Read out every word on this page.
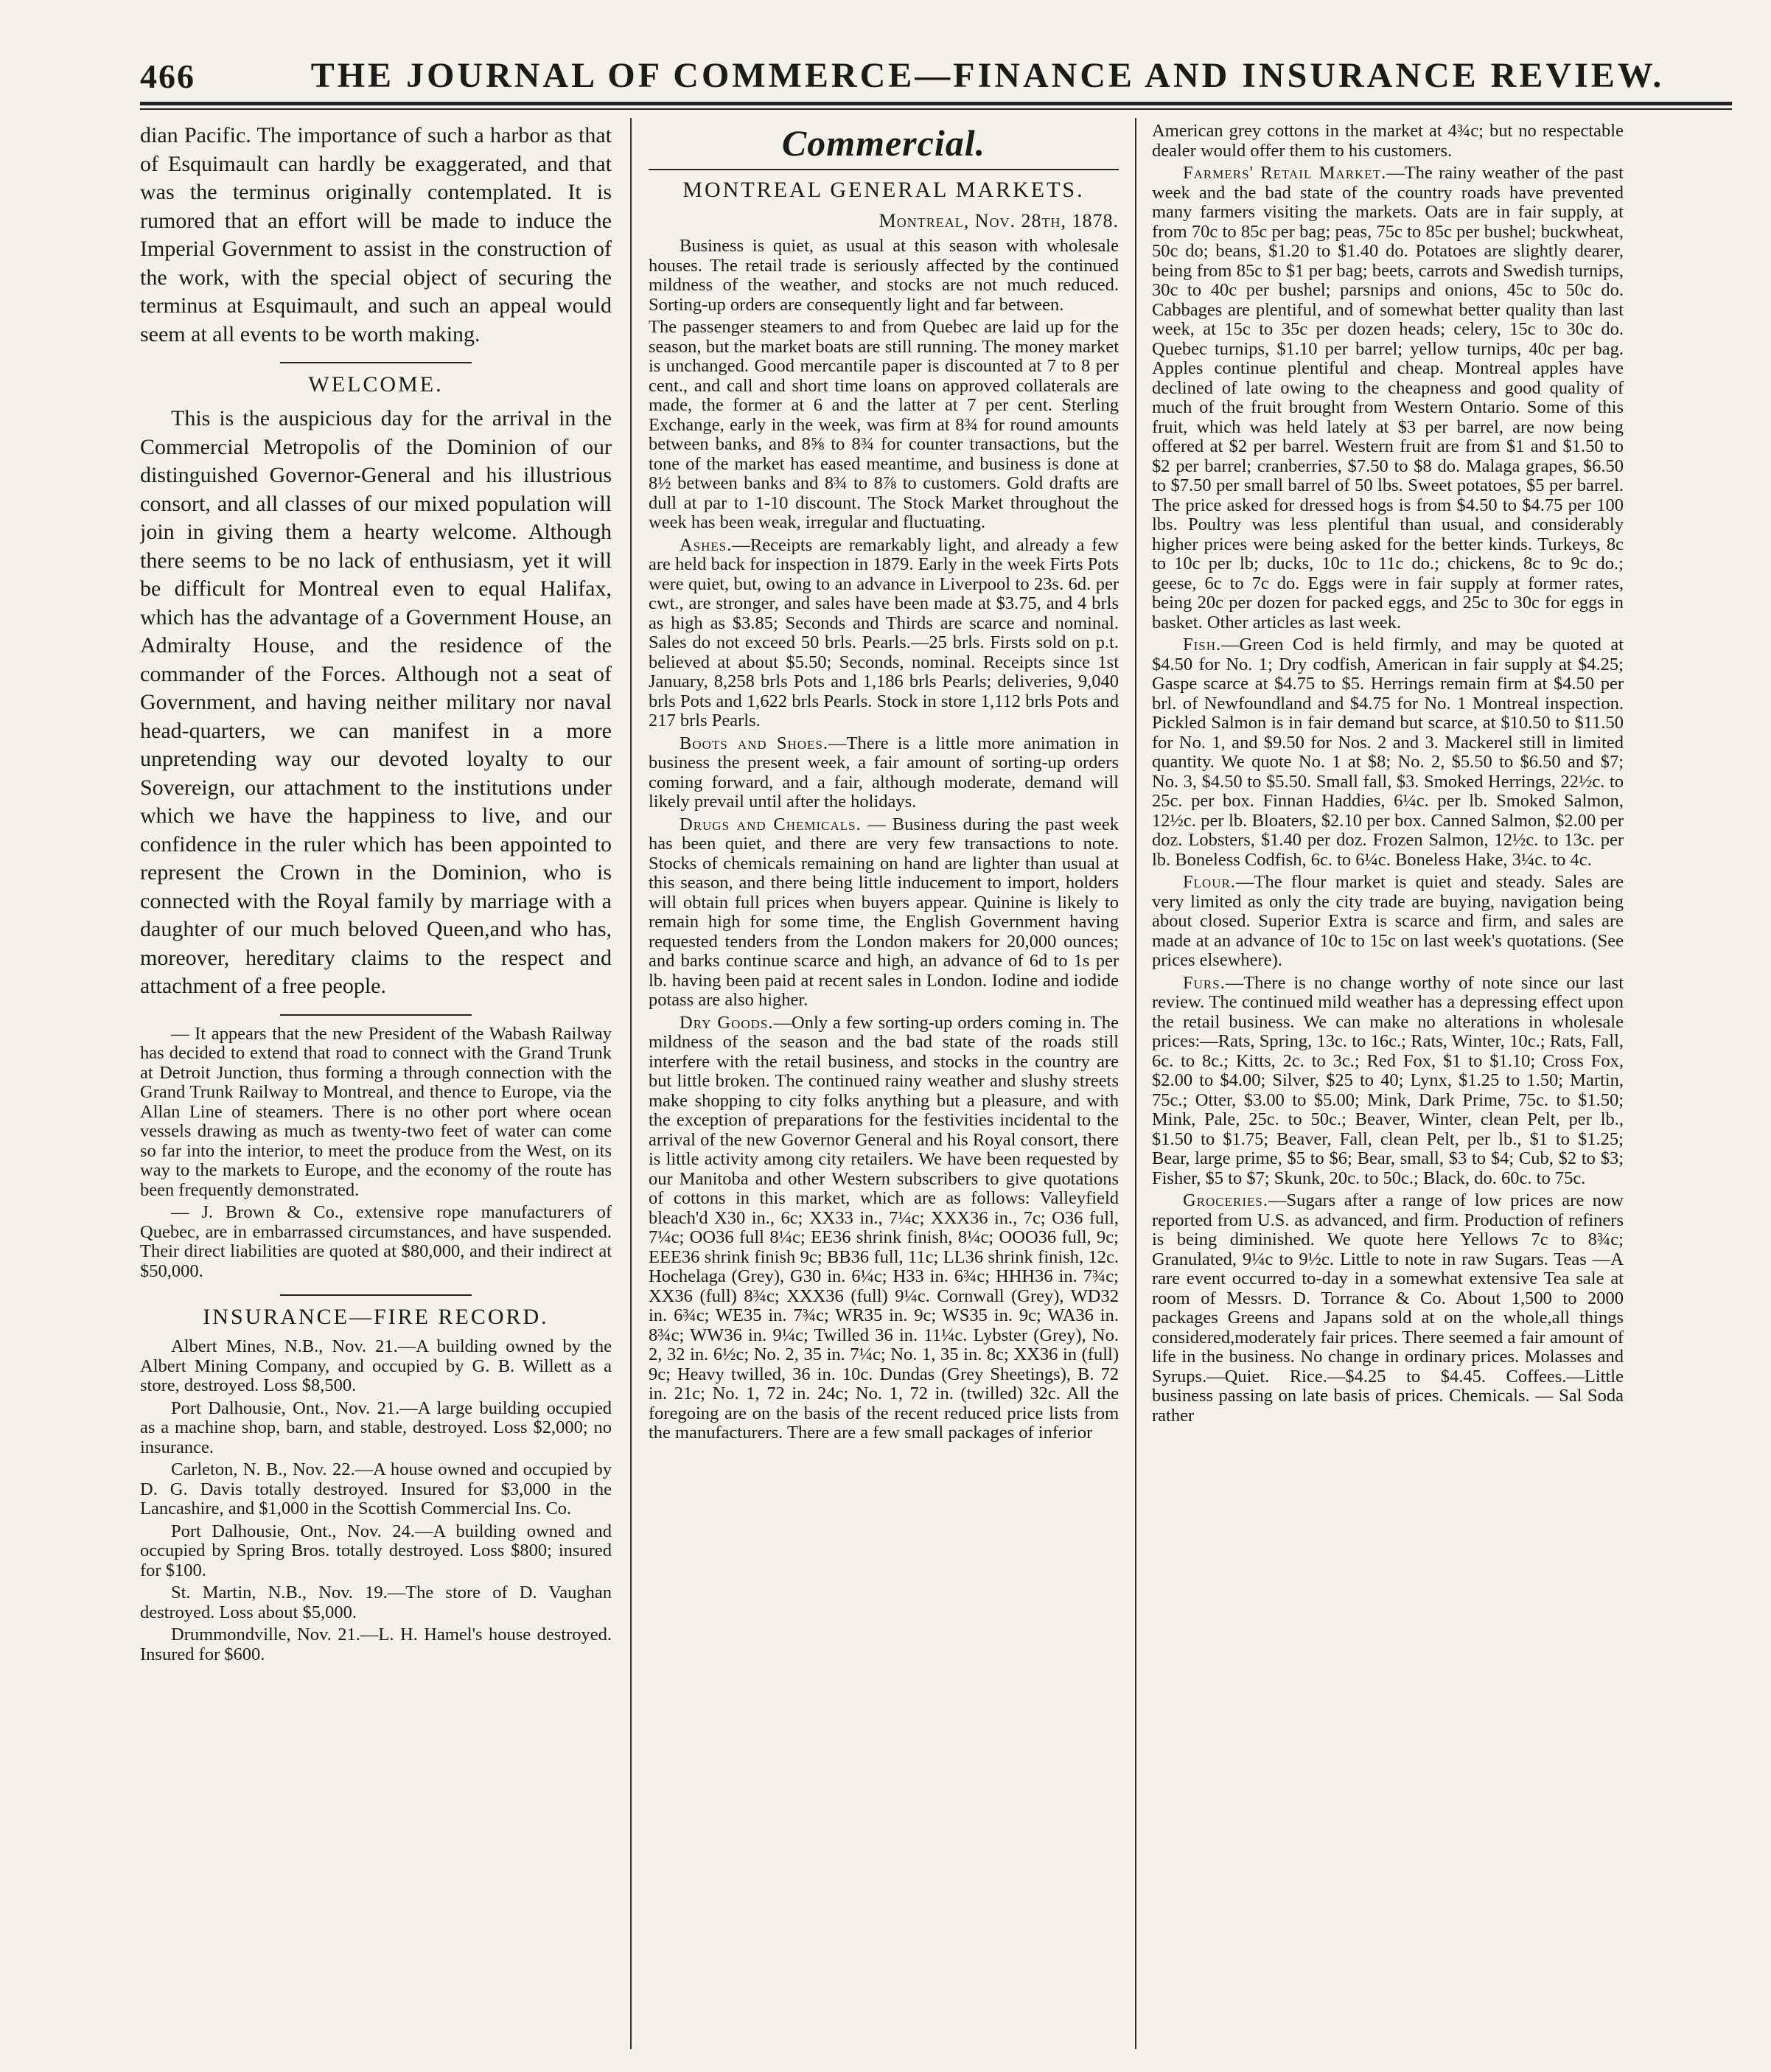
466	THE JOURNAL OF COMMERCE—FINANCE AND INSURANCE REVIEW.

dian Pacific. The importance of such a harbor as that of Esquimault can hardly be exaggerated, and that was the terminus originally contemplated. It is rumored that an effort will be made to induce the Imperial Government to assist in the construction of the work, with the special object of securing the terminus at Esquimault, and such an appeal would seem at all events to be worth making.

WELCOME.

This is the auspicious day for the arrival in the Commercial Metropolis of the Dominion of our distinguished Governor-General and his illustrious consort, and all classes of our mixed population will join in giving them a hearty welcome. Although there seems to be no lack of enthusiasm, yet it will be difficult for Montreal even to equal Halifax, which has the advantage of a Government House, an Admiralty House, and the residence of the commander of the Forces. Although not a seat of Government, and having neither military nor naval head-quarters, we can manifest in a more unpretending way our devoted loyalty to our Sovereign, our attachment to the institutions under which we have the happiness to live, and our confidence in the ruler which has been appointed to represent the Crown in the Dominion, who is connected with the Royal family by marriage with a daughter of our much beloved Queen,and who has, moreover, hereditary claims to the respect and attachment of a free people.

— It appears that the new President of the Wabash Railway has decided to extend that road to connect with the Grand Trunk at Detroit Junction, thus forming a through connection with the Grand Trunk Railway to Montreal, and thence to Europe, via the Allan Line of steamers. There is no other port where ocean vessels drawing as much as twenty-two feet of water can come so far into the interior, to meet the produce from the West, on its way to the markets to Europe, and the economy of the route has been frequently demonstrated.

— J. Brown & Co., extensive rope manufacturers of Quebec, are in embarrassed circumstances, and have suspended. Their direct liabilities are quoted at $80,000, and their indirect at $50,000.

INSURANCE—FIRE RECORD.

Albert Mines, N.B., Nov. 21.—A building owned by the Albert Mining Company, and occupied by G. B. Willett as a store, destroyed. Loss $8,500.

Port Dalhousie, Ont., Nov. 21.—A large building occupied as a machine shop, barn, and stable, destroyed. Loss $2,000; no insurance.

Carleton, N. B., Nov. 22.—A house owned and occupied by D. G. Davis totally destroyed. Insured for $3,000 in the Lancashire, and $1,000 in the Scottish Commercial Ins. Co.

Port Dalhousie, Ont., Nov. 24.—A building owned and occupied by Spring Bros. totally destroyed. Loss $800; insured for $100.

St. Martin, N.B., Nov. 19.—The store of D. Vaughan destroyed. Loss about $5,000.

Drummondville, Nov. 21.—L. H. Hamel's house destroyed. Insured for $600.

Commercial.
MONTREAL GENERAL MARKETS.
Montreal, Nov. 28th, 1878.

Business is quiet, as usual at this season with wholesale houses. The retail trade is seriously affected by the continued mildness of the weather, and stocks are not much reduced. Sorting-up orders are consequently light and far between.

The passenger steamers to and from Quebec are laid up for the season, but the market boats are still running. The money market is unchanged. Good mercantile paper is discounted at 7 to 8 per cent., and call and short time loans on approved collaterals are made, the former at 6 and the latter at 7 per cent. Sterling Exchange, early in the week, was firm at 8¾ for round amounts between banks, and 8⅝ to 8¾ for counter transactions, but the tone of the market has eased meantime, and business is done at 8½ between banks and 8¾ to 8⅞ to customers. Gold drafts are dull at par to 1-10 discount. The Stock Market throughout the week has been weak, irregular and fluctuating.

Ashes.—Receipts are remarkably light, and already a few are held back for inspection in 1879. Early in the week Firts Pots were quiet, but, owing to an advance in Liverpool to 23s. 6d. per cwt., are stronger, and sales have been made at $3.75, and 4 brls as high as $3.85; Seconds and Thirds are scarce and nominal. Sales do not exceed 50 brls. Pearls.—25 brls. Firsts sold on p.t. believed at about $5.50; Seconds, nominal. Receipts since 1st January, 8,258 brls Pots and 1,186 brls Pearls; deliveries, 9,040 brls Pots and 1,622 brls Pearls. Stock in store 1,112 brls Pots and 217 brls Pearls.

Boots and Shoes.—There is a little more animation in business the present week, a fair amount of sorting-up orders coming forward, and a fair, although moderate, demand will likely prevail until after the holidays.

Drugs and Chemicals. — Business during the past week has been quiet, and there are very few transactions to note. Stocks of chemicals remaining on hand are lighter than usual at this season, and there being little inducement to import, holders will obtain full prices when buyers appear. Quinine is likely to remain high for some time, the English Government having requested tenders from the London makers for 20,000 ounces; and barks continue scarce and high, an advance of 6d to 1s per lb. having been paid at recent sales in London. Iodine and iodide potass are also higher.

Dry Goods.—Only a few sorting-up orders coming in. The mildness of the season and the bad state of the roads still interfere with the retail business, and stocks in the country are but little broken. The continued rainy weather and slushy streets make shopping to city folks anything but a pleasure, and with the exception of preparations for the festivities incidental to the arrival of the new Governor General and his Royal consort, there is little activity among city retailers. We have been requested by our Manitoba and other Western subscribers to give quotations of cottons in this market, which are as follows: Valleyfield bleach'd X30 in., 6c; XX33 in., 7¼c; XXX36 in., 7c; O36 full, 7¼c; OO36 full 8¼c; EE36 shrink finish, 8¼c; OOO36 full, 9c; EEE36 shrink finish 9c; BB36 full, 11c; LL36 shrink finish, 12c. Hochelaga (Grey), G30 in. 6¼c; H33 in. 6¾c; HHH36 in. 7¾c; XX36 (full) 8¾c; XXX36 (full) 9¼c. Cornwall (Grey), WD32 in. 6¾c; WE35 in. 7¾c; WR35 in. 9c; WS35 in. 9c; WA36 in. 8¾c; WW36 in. 9¼c; Twilled 36 in. 11¼c. Lybster (Grey), No. 2, 32 in. 6½c; No. 2, 35 in. 7¼c; No. 1, 35 in. 8c; XX36 in (full) 9c; Heavy twilled, 36 in. 10c. Dundas (Grey Sheetings), B. 72 in. 21c; No. 1, 72 in. 24c; No. 1, 72 in. (twilled) 32c. All the foregoing are on the basis of the recent reduced price lists from the manufacturers. There are a few small packages of inferior

American grey cottons in the market at 4¾c; but no respectable dealer would offer them to his customers.

Farmers' Retail Market.—The rainy weather of the past week and the bad state of the country roads have prevented many farmers visiting the markets. Oats are in fair supply, at from 70c to 85c per bag; peas, 75c to 85c per bushel; buckwheat, 50c do; beans, $1.20 to $1.40 do. Potatoes are slightly dearer, being from 85c to $1 per bag; beets, carrots and Swedish turnips, 30c to 40c per bushel; parsnips and onions, 45c to 50c do. Cabbages are plentiful, and of somewhat better quality than last week, at 15c to 35c per dozen heads; celery, 15c to 30c do. Quebec turnips, $1.10 per barrel; yellow turnips, 40c per bag. Apples continue plentiful and cheap. Montreal apples have declined of late owing to the cheapness and good quality of much of the fruit brought from Western Ontario. Some of this fruit, which was held lately at $3 per barrel, are now being offered at $2 per barrel. Western fruit are from $1 and $1.50 to $2 per barrel; cranberries, $7.50 to $8 do. Malaga grapes, $6.50 to $7.50 per small barrel of 50 lbs. Sweet potatoes, $5 per barrel. The price asked for dressed hogs is from $4.50 to $4.75 per 100 lbs. Poultry was less plentiful than usual, and considerably higher prices were being asked for the better kinds. Turkeys, 8c to 10c per lb; ducks, 10c to 11c do.; chickens, 8c to 9c do.; geese, 6c to 7c do. Eggs were in fair supply at former rates, being 20c per dozen for packed eggs, and 25c to 30c for eggs in basket. Other articles as last week.

Fish.—Green Cod is held firmly, and may be quoted at $4.50 for No. 1; Dry codfish, American in fair supply at $4.25; Gaspe scarce at $4.75 to $5. Herrings remain firm at $4.50 per brl. of Newfoundland and $4.75 for No. 1 Montreal inspection. Pickled Salmon is in fair demand but scarce, at $10.50 to $11.50 for No. 1, and $9.50 for Nos. 2 and 3. Mackerel still in limited quantity. We quote No. 1 at $8; No. 2, $5.50 to $6.50 and $7; No. 3, $4.50 to $5.50. Small fall, $3. Smoked Herrings, 22½c. to 25c. per box. Finnan Haddies, 6¼c. per lb. Smoked Salmon, 12½c. per lb. Bloaters, $2.10 per box. Canned Salmon, $2.00 per doz. Lobsters, $1.40 per doz. Frozen Salmon, 12½c. to 13c. per lb. Boneless Codfish, 6c. to 6¼c. Boneless Hake, 3¼c. to 4c.

Flour.—The flour market is quiet and steady. Sales are very limited as only the city trade are buying, navigation being about closed. Superior Extra is scarce and firm, and sales are made at an advance of 10c to 15c on last week's quotations. (See prices elsewhere).

Furs.—There is no change worthy of note since our last review. The continued mild weather has a depressing effect upon the retail business. We can make no alterations in wholesale prices:—Rats, Spring, 13c. to 16c.; Rats, Winter, 10c.; Rats, Fall, 6c. to 8c.; Kitts, 2c. to 3c.; Red Fox, $1 to $1.10; Cross Fox, $2.00 to $4.00; Silver, $25 to 40; Lynx, $1.25 to 1.50; Martin, 75c.; Otter, $3.00 to $5.00; Mink, Dark Prime, 75c. to $1.50; Mink, Pale, 25c. to 50c.; Beaver, Winter, clean Pelt, per lb., $1.50 to $1.75; Beaver, Fall, clean Pelt, per lb., $1 to $1.25; Bear, large prime, $5 to $6; Bear, small, $3 to $4; Cub, $2 to $3; Fisher, $5 to $7; Skunk, 20c. to 50c.; Black, do. 60c. to 75c.

Groceries.—Sugars after a range of low prices are now reported from U.S. as advanced, and firm. Production of refiners is being diminished. We quote here Yellows 7c to 8¾c; Granulated, 9¼c to 9½c. Little to note in raw Sugars. Teas —A rare event occurred to-day in a somewhat extensive Tea sale at room of Messrs. D. Torrance & Co. About 1,500 to 2000 packages Greens and Japans sold at on the whole,all things considered,moderately fair prices. There seemed a fair amount of life in the business. No change in ordinary prices. Molasses and Syrups.—Quiet. Rice.—$4.25 to $4.45. Coffees.—Little business passing on late basis of prices. Chemicals. — Sal Soda rather
